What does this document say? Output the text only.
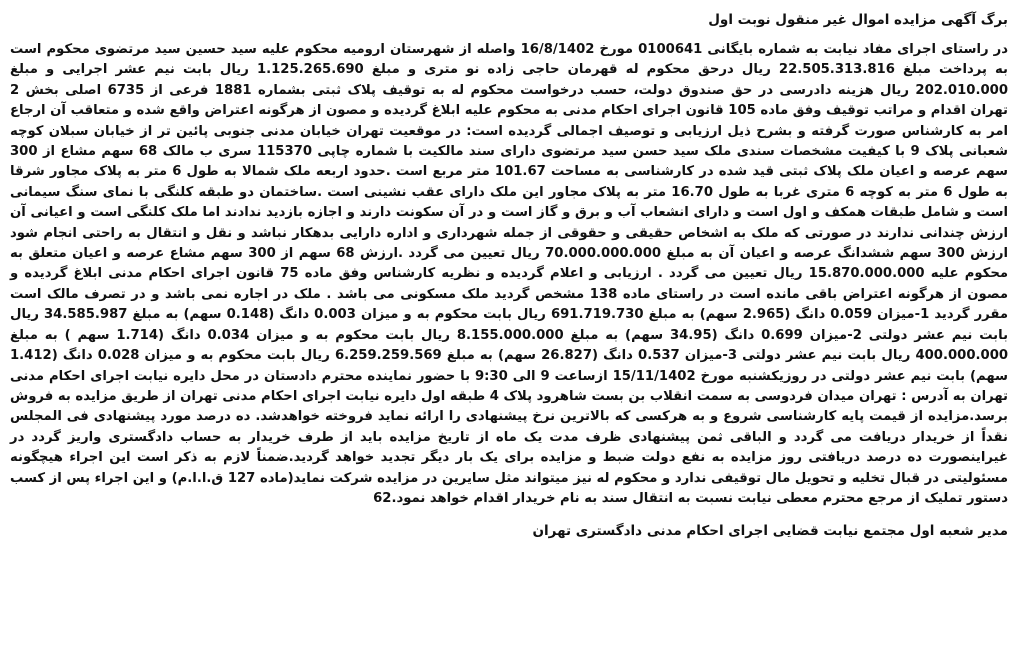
برگ آگهی مزایده اموال غیر منقول نوبت اول

در راستای اجرای مفاد نیابت به شماره بایگانی 0100641 مورخ 16/8/1402 واصله از شهرستان ارومیه محکوم علیه سید حسین سید مرتضوی محکوم است به پرداخت مبلغ 22.505.313.816 ریال درحق محکوم له قهرمان حاجی زاده نو متری و مبلغ 1.125.265.690 ریال بابت نیم عشر اجرایی و مبلغ 202.010.000 ریال هزینه دادرسی در حق صندوق دولت، حسب درخواست محکوم له به توقیف پلاک ثبتی بشماره 1881 فرعی از 6735 اصلی بخش 2 تهران اقدام و مراتب توقیف وفق ماده 105 قانون اجرای احکام مدنی به محکوم علیه ابلاغ گردیده و مصون از هرگونه اعتراض واقع شده و متعاقب آن ارجاع امر به کارشناس صورت گرفته و بشرح ذیل ارزیابی و توصیف اجمالی گردیده است: در موقعیت تهران خیابان مدنی جنوبی پائین تر از خیابان سبلان کوچه شعبانی پلاک 9 با کیفیت مشخصات سندی ملک سید حسن سید مرتضوی دارای سند مالکیت با شماره چاپی 115370 سری ب مالک 68 سهم مشاع از 300 سهم عرصه و اعیان ملک پلاک ثبتی قید شده در کارشناسی به مساحت 101.67 متر مربع است .حدود اربعه ملک شمالا به طول 6 متر به پلاک مجاور شرقا به طول 6 متر به کوچه 6 متری غربا به طول 16.70 متر به پلاک مجاور این ملک دارای عقب نشینی است .ساختمان دو طبقه کلنگی با نمای سنگ سیمانی است و شامل طبقات همکف و اول است و دارای انشعاب آب و برق و گاز است و در آن سکونت دارند و اجازه بازدید ندادند اما ملک کلنگی است و اعیانی آن ارزش چندانی ندارند در صورتی که ملک به اشخاص حقیقی و حقوقی از جمله شهرداری و اداره دارایی بدهکار نباشد و نقل و انتقال به راحتی انجام شود ارزش 300 سهم ششدانگ عرصه و اعیان آن به مبلغ 70.000.000.000 ریال تعیین می گردد .ارزش 68 سهم از 300 سهم مشاع عرصه و اعیان متعلق به محکوم علیه 15.870.000.000 ریال تعیین می گردد . ارزیابی و اعلام گردیده و نظریه کارشناس وفق ماده 75 قانون اجرای احکام مدنی ابلاغ گردیده و مصون از هرگونه اعتراض باقی مانده است در راستای ماده 138 مشخص گردید ملک مسکونی می باشد . ملک در اجاره نمی باشد و در تصرف مالک است مقرر گردید 1-میزان 0.059 دانگ (2.965 سهم) به مبلغ 691.719.730 ریال بابت محکوم به و میزان 0.003 دانگ (0.148 سهم) به مبلغ 34.585.987 ریال بابت نیم عشر دولتی 2-میزان 0.699 دانگ (34.95 سهم) به مبلغ 8.155.000.000 ریال بابت محکوم به و میزان 0.034 دانگ (1.714 سهم ) به مبلغ 400.000.000 ریال بابت نیم عشر دولتی 3-میزان 0.537 دانگ (26.827 سهم) به مبلغ 6.259.259.569 ریال بابت محکوم به و میزان 0.028 دانگ (1.412 سهم) بابت نیم عشر دولتی در روزیکشنبه مورخ 15/11/1402 ازساعت 9 الی 9:30 با حضور نماینده محترم دادستان در محل دایره نیابت اجرای احکام مدنی تهران به آدرس : تهران میدان فردوسی به سمت انقلاب بن بست شاهرود پلاک 4 طبقه اول دایره نیابت اجرای احکام مدنی تهران از طریق مزایده به فروش برسد.مزایده از قیمت پایه کارشناسی شروع و به هرکسی که بالاترین نرخ پیشنهادی را ارائه نماید فروخته خواهدشد. ده درصد مورد پیشنهادی فی المجلس نقداً از خریدار دریافت می گردد و الباقی ثمن پیشنهادی ظرف مدت یک ماه از تاریخ مزایده باید از طرف خریدار به حساب دادگستری واریز گردد در غیراینصورت ده درصد دریافتی روز مزایده به نفع دولت ضبط و مزایده برای یک بار دیگر تجدید خواهد گردید.ضمناً لازم به ذکر است این اجراء هیچگونه مسئولیتی در قبال تخلیه و تحویل مال توقیفی ندارد و محکوم له نیز میتواند مثل سایرین در مزایده شرکت نماید(ماده 127 ق.ا.ا.م) و این اجراء پس از کسب دستور تملیک از مرجع محترم معطی نیابت نسبت به انتقال سند به نام خریدار اقدام خواهد نمود.62

مدیر شعبه اول مجتمع نیابت قضایی اجرای احکام مدنی دادگستری تهران
